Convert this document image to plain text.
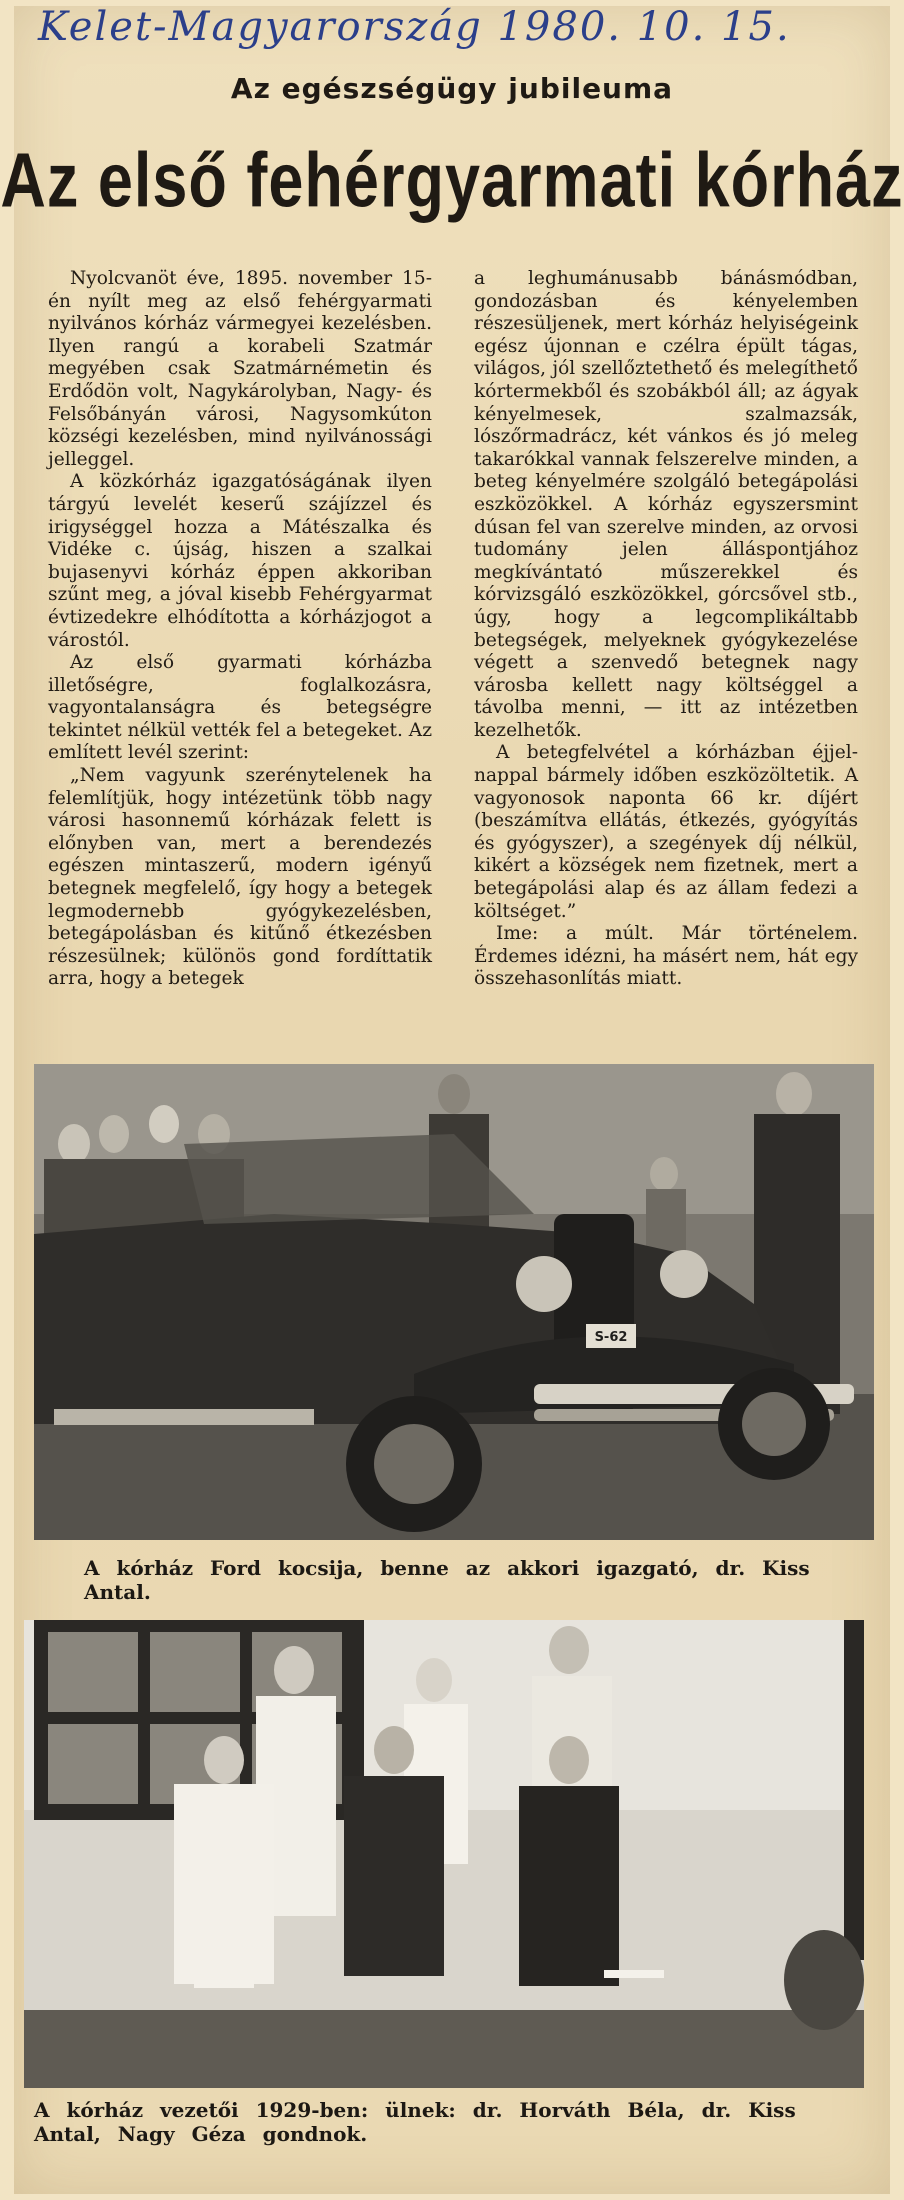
Kelet-Magyarország 1980. 10. 15.
Az egészségügy jubileuma
Az első fehérgyarmati kórház

Nyolcvanöt éve, 1895. november 15-én nyílt meg az első fehérgyarmati nyilvános kórház vármegyei kezelésben. Ilyen rangú a korabeli Szatmár megyében csak Szatmárnémetin és Erdődön volt, Nagykárolyban, Nagy- és Felsőbányán városi, Nagysomkúton községi kezelésben, mind nyilvánossági jelleggel.

A közkórház igazgatóságának ilyen tárgyú levelét keserű szájízzel és irigységgel hozza a Mátészalka és Vidéke c. újság, hiszen a szalkai bujasenyvi kórház éppen akkoriban szűnt meg, a jóval kisebb Fehérgyarmat évtizedekre elhódította a kórházjogot a várostól.

Az első gyarmati kórházba illetőségre, foglalkozásra, vagyontalanságra és betegségre tekintet nélkül vették fel a betegeket. Az említett levél szerint:

„Nem vagyunk szerénytelenek ha felemlítjük, hogy intézetünk több nagy városi hasonnemű kórházak felett is előnyben van, mert a berendezés egészen mintaszerű, modern igényű betegnek megfelelő, így hogy a betegek legmodernebb gyógykezelésben, betegápolásban és kitűnő étkezésben részesülnek; különös gond fordíttatik arra, hogy a betegek

a leghumánusabb bánásmódban, gondozásban és kényelemben részesüljenek, mert kórház helyiségeink egész újonnan e czélra épült tágas, világos, jól szellőztethető és melegíthető kórtermekből és szobákból áll; az ágyak kényelmesek, szalmazsák, lószőrmadrácz, két vánkos és jó meleg takarókkal vannak felszerelve minden, a beteg kényelmére szolgáló betegápolási eszközökkel. A kórház egyszersmint dúsan fel van szerelve minden, az orvosi tudomány jelen álláspontjához megkívántató műszerekkel és kórvizsgáló eszközökkel, górcsővel stb., úgy, hogy a legcomplikáltabb betegségek, melyeknek gyógykezelése végett a szenvedő betegnek nagy városba kellett nagy költséggel a távolba menni, — itt az intézetben kezelhetők.

A betegfelvétel a kórházban éjjel-nappal bármely időben eszközöltetik. A vagyonosok naponta 66 kr. díjért (beszámítva ellátás, étkezés, gyógyítás és gyógyszer), a szegények díj nélkül, kikért a községek nem fizetnek, mert a betegápolási alap és az állam fedezi a költséget.”

Ime: a múlt. Már történelem. Érdemes idézni, ha másért nem, hát egy összehasonlítás miatt.

S-62
A kórház Ford kocsija, benne az akkori igazgató, dr. Kiss Antal.
A kórház vezetői 1929-ben: ülnek: dr. Horváth Béla, dr. Kiss Antal, Nagy Géza gondnok.
